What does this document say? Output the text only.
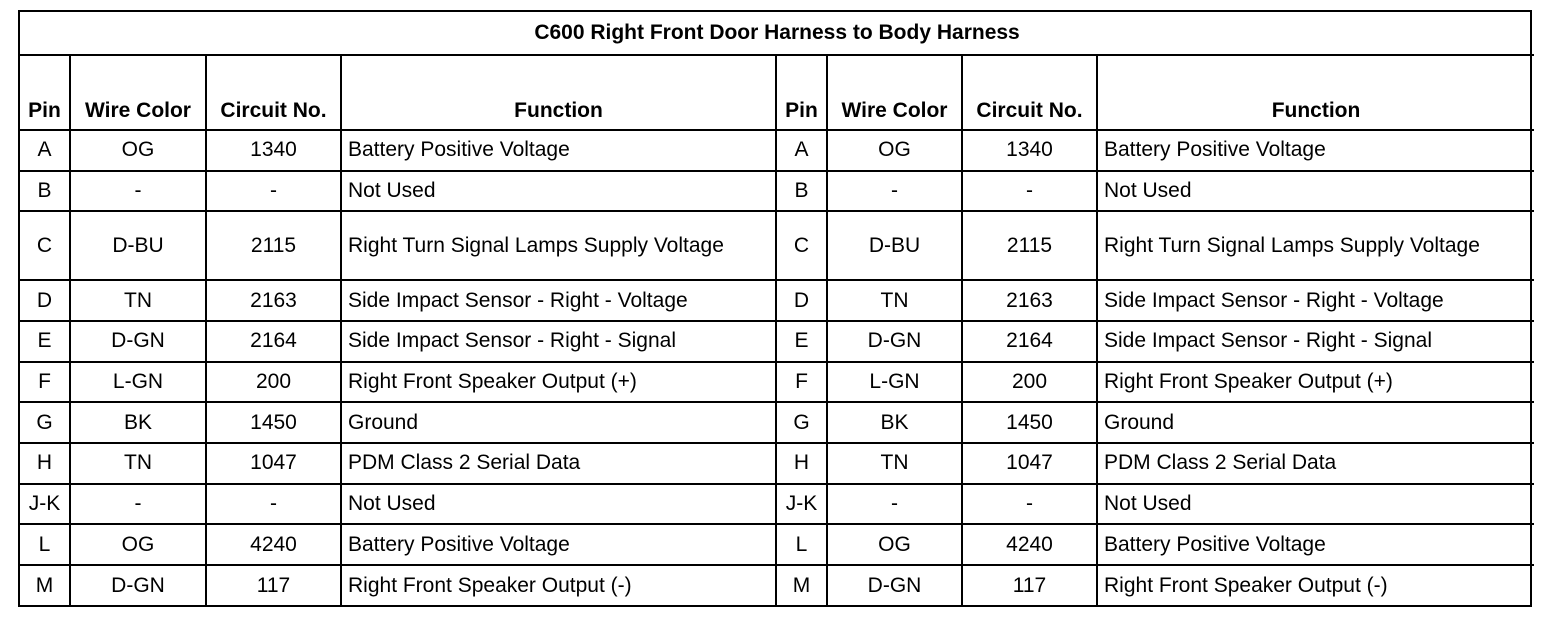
C600 Right Front Door Harness to Body Harness							
Pin	Wire Color	Circuit No.	Function	Pin	Wire Color	Circuit No.	Function
A	OG	1340	Battery Positive Voltage	A	OG	1340	Battery Positive Voltage
B	-	-	Not Used	B	-	-	Not Used
C	D-BU	2115	Right Turn Signal Lamps Supply Voltage	C	D-BU	2115	Right Turn Signal Lamps Supply Voltage
D	TN	2163	Side Impact Sensor - Right - Voltage	D	TN	2163	Side Impact Sensor - Right - Voltage
E	D-GN	2164	Side Impact Sensor - Right - Signal	E	D-GN	2164	Side Impact Sensor - Right - Signal
F	L-GN	200	Right Front Speaker Output (+)	F	L-GN	200	Right Front Speaker Output (+)
G	BK	1450	Ground	G	BK	1450	Ground
H	TN	1047	PDM Class 2 Serial Data	H	TN	1047	PDM Class 2 Serial Data
J-K	-	-	Not Used	J-K	-	-	Not Used
L	OG	4240	Battery Positive Voltage	L	OG	4240	Battery Positive Voltage
M	D-GN	117	Right Front Speaker Output (-)	M	D-GN	117	Right Front Speaker Output (-)
